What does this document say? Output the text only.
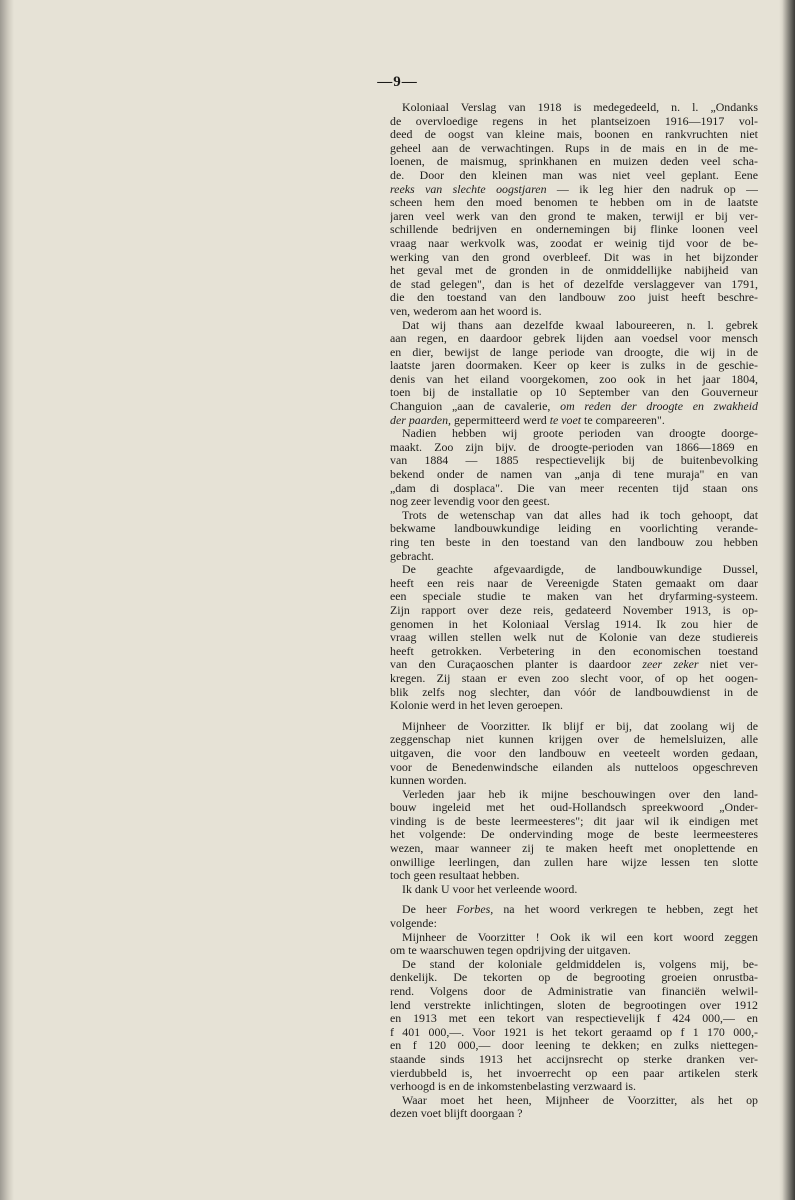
—9—
Koloniaal Verslag van 1918 is medegedeeld, n. l. „Ondanks
de overvloedige regens in het plantseizoen 1916—1917 vol-
deed de oogst van kleine mais, boonen en rankvruchten niet
geheel aan de verwachtingen. Rups in de mais en in de me-
loenen, de maismug, sprinkhanen en muizen deden veel scha-
de. Door den kleinen man was niet veel geplant. Eene
reeks van slechte oogstjaren — ik leg hier den nadruk op —
scheen hem den moed benomen te hebben om in de laatste
jaren veel werk van den grond te maken, terwijl er bij ver-
schillende bedrijven en ondernemingen bij flinke loonen veel
vraag naar werkvolk was, zoodat er weinig tijd voor de be-
werking van den grond overbleef. Dit was in het bijzonder
het geval met de gronden in de onmiddellijke nabijheid van
de stad gelegen", dan is het of dezelfde verslaggever van 1791,
die den toestand van den landbouw zoo juist heeft beschre-
ven, wederom aan het woord is.
Dat wij thans aan dezelfde kwaal laboureeren, n. l. gebrek
aan regen, en daardoor gebrek lijden aan voedsel voor mensch
en dier, bewijst de lange periode van droogte, die wij in de
laatste jaren doormaken. Keer op keer is zulks in de geschie-
denis van het eiland voorgekomen, zoo ook in het jaar 1804,
toen bij de installatie op 10 September van den Gouverneur
Changuion „aan de cavalerie, om reden der droogte en zwakheid
der paarden, gepermitteerd werd te voet te compareeren".
Nadien hebben wij groote perioden van droogte doorge-
maakt. Zoo zijn bijv. de droogte-perioden van 1866—1869 en
van 1884 — 1885 respectievelijk bij de buitenbevolking
bekend onder de namen van „anja di tene muraja" en van
„dam di dosplaca". Die van meer recenten tijd staan ons
nog zeer levendig voor den geest.
Trots de wetenschap van dat alles had ik toch gehoopt, dat
bekwame landbouwkundige leiding en voorlichting verande-
ring ten beste in den toestand van den landbouw zou hebben
gebracht.
De geachte afgevaardigde, de landbouwkundige Dussel,
heeft een reis naar de Vereenigde Staten gemaakt om daar
een speciale studie te maken van het dryfarming-systeem.
Zijn rapport over deze reis, gedateerd November 1913, is op-
genomen in het Koloniaal Verslag 1914. Ik zou hier de
vraag willen stellen welk nut de Kolonie van deze studiereis
heeft getrokken. Verbetering in den economischen toestand
van den Curaçaoschen planter is daardoor zeer zeker niet ver-
kregen. Zij staan er even zoo slecht voor, of op het oogen-
blik zelfs nog slechter, dan vóór de landbouwdienst in de
Kolonie werd in het leven geroepen.
Mijnheer de Voorzitter. Ik blijf er bij, dat zoolang wij de
zeggenschap niet kunnen krijgen over de hemelsluizen, alle
uitgaven, die voor den landbouw en veeteelt worden gedaan,
voor de Benedenwindsche eilanden als nutteloos opgeschreven
kunnen worden.
Verleden jaar heb ik mijne beschouwingen over den land-
bouw ingeleid met het oud-Hollandsch spreekwoord „Onder-
vinding is de beste leermeesteres"; dit jaar wil ik eindigen met
het volgende: De ondervinding moge de beste leermeesteres
wezen, maar wanneer zij te maken heeft met onoplettende en
onwillige leerlingen, dan zullen hare wijze lessen ten slotte
toch geen resultaat hebben.
Ik dank U voor het verleende woord.
De heer Forbes, na het woord verkregen te hebben, zegt het
volgende:
Mijnheer de Voorzitter ! Ook ik wil een kort woord zeggen
om te waarschuwen tegen opdrijving der uitgaven.
De stand der koloniale geldmiddelen is, volgens mij, be-
denkelijk. De tekorten op de begrooting groeien onrustba-
rend. Volgens door de Administratie van financiën welwil-
lend verstrekte inlichtingen, sloten de begrootingen over 1912
en 1913 met een tekort van respectievelijk f 424 000,— en
f 401 000,—. Voor 1921 is het tekort geraamd op f 1 170 000,-
en f 120 000,— door leening te dekken; en zulks niettegen-
staande sinds 1913 het accijnsrecht op sterke dranken ver-
vierdubbeld is, het invoerrecht op een paar artikelen sterk
verhoogd is en de inkomstenbelasting verzwaard is.
Waar moet het heen, Mijnheer de Voorzitter, als het op
dezen voet blijft doorgaan ?
